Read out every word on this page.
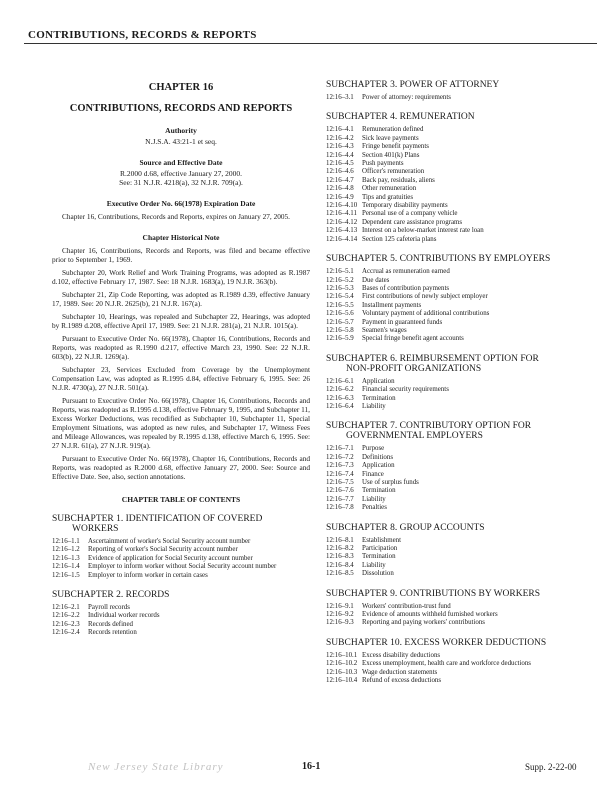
CONTRIBUTIONS, RECORDS & REPORTS
CHAPTER 16
CONTRIBUTIONS, RECORDS AND REPORTS
Authority
N.J.S.A. 43:21-1 et seq.
Source and Effective Date
R.2000 d.68, effective January 27, 2000.
See: 31 N.J.R. 4218(a), 32 N.J.R. 709(a).
Executive Order No. 66(1978) Expiration Date

Chapter 16, Contributions, Records and Reports, expires on January 27, 2005.

Chapter Historical Note

Chapter 16, Contributions, Records and Reports, was filed and became effective prior to September 1, 1969.

Subchapter 20, Work Relief and Work Training Programs, was adopted as R.1987 d.102, effective February 17, 1987. See: 18 N.J.R. 1683(a), 19 N.J.R. 363(b).

Subchapter 21, Zip Code Reporting, was adopted as R.1989 d.39, effective January 17, 1989. See: 20 N.J.R. 2625(b), 21 N.J.R. 167(a).

Subchapter 10, Hearings, was repealed and Subchapter 22, Hearings, was adopted by R.1989 d.208, effective April 17, 1989. See: 21 N.J.R. 281(a), 21 N.J.R. 1015(a).

Pursuant to Executive Order No. 66(1978), Chapter 16, Contributions, Records and Reports, was readopted as R.1990 d.217, effective March 23, 1990. See: 22 N.J.R. 603(b), 22 N.J.R. 1269(a).

Subchapter 23, Services Excluded from Coverage by the Unemployment Compensation Law, was adopted as R.1995 d.84, effective February 6, 1995. See: 26 N.J.R. 4730(a), 27 N.J.R. 501(a).

Pursuant to Executive Order No. 66(1978), Chapter 16, Contributions, Records and Reports, was readopted as R.1995 d.138, effective February 9, 1995, and Subchapter 11, Excess Worker Deductions, was recodified as Subchapter 10, Subchapter 11, Special Employment Situations, was adopted as new rules, and Subchapter 17, Witness Fees and Mileage Allowances, was repealed by R.1995 d.138, effective March 6, 1995. See: 27 N.J.R. 61(a), 27 N.J.R. 919(a).

Pursuant to Executive Order No. 66(1978), Chapter 16, Contributions, Records and Reports, was readopted as R.2000 d.68, effective January 27, 2000. See: Source and Effective Date. See, also, section annotations.

CHAPTER TABLE OF CONTENTS
SUBCHAPTER 1. IDENTIFICATION OF COVERED
WORKERS
12:16–1.1	Ascertainment of worker's Social Security account number
12:16–1.2	Reporting of worker's Social Security account number
12:16–1.3	Evidence of application for Social Security account number
12:16–1.4	Employer to inform worker without Social Security account number
12:16–1.5	Employer to inform worker in certain cases
SUBCHAPTER 2. RECORDS
12:16–2.1	Payroll records
12:16–2.2	Individual worker records
12:16–2.3	Records defined
12:16–2.4	Records retention
SUBCHAPTER 3. POWER OF ATTORNEY
12:16–3.1	Power of attorney: requirements
SUBCHAPTER 4. REMUNERATION
12:16–4.1	Remuneration defined
12:16–4.2	Sick leave payments
12:16–4.3	Fringe benefit payments
12:16–4.4	Section 401(k) Plans
12:16–4.5	Push payments
12:16–4.6	Officer's remuneration
12:16–4.7	Back pay, residuals, aliens
12:16–4.8	Other remuneration
12:16–4.9	Tips and gratuities
12:16–4.10 Temporary disability payments
12:16–4.11 Personal use of a company vehicle
12:16–4.12 Dependent care assistance programs
12:16–4.13 Interest on a below-market interest rate loan
12:16–4.14 Section 125 cafeteria plans
SUBCHAPTER 5. CONTRIBUTIONS BY EMPLOYERS
12:16–5.1	Accrual as remuneration earned
12:16–5.2	Due dates
12:16–5.3	Bases of contribution payments
12:16–5.4	First contributions of newly subject employer
12:16–5.5	Installment payments
12:16–5.6	Voluntary payment of additional contributions
12:16–5.7	Payment in guaranteed funds
12:16–5.8	Seamen's wages
12:16–5.9	Special fringe benefit agent accounts
SUBCHAPTER 6. REIMBURSEMENT OPTION FOR
NON-PROFIT ORGANIZATIONS
12:16–6.1	Application
12:16–6.2	Financial security requirements
12:16–6.3	Termination
12:16–6.4	Liability
SUBCHAPTER 7. CONTRIBUTORY OPTION FOR
GOVERNMENTAL EMPLOYERS
12:16–7.1	Purpose
12:16–7.2	Definitions
12:16–7.3	Application
12:16–7.4	Finance
12:16–7.5	Use of surplus funds
12:16–7.6	Termination
12:16–7.7	Liability
12:16–7.8	Penalties
SUBCHAPTER 8. GROUP ACCOUNTS
12:16–8.1	Establishment
12:16–8.2	Participation
12:16–8.3	Termination
12:16–8.4	Liability
12:16–8.5	Dissolution
SUBCHAPTER 9. CONTRIBUTIONS BY WORKERS
12:16–9.1	Workers' contribution-trust fund
12:16–9.2	Evidence of amounts withheld furnished workers
12:16–9.3	Reporting and paying workers' contributions
SUBCHAPTER 10. EXCESS WORKER DEDUCTIONS
12:16–10.1 Excess disability deductions
12:16–10.2 Excess unemployment, health care and workforce deductions
12:16–10.3 Wage deduction statements
12:16–10.4 Refund of excess deductions
New Jersey State Library	16-1	Supp. 2-22-00
